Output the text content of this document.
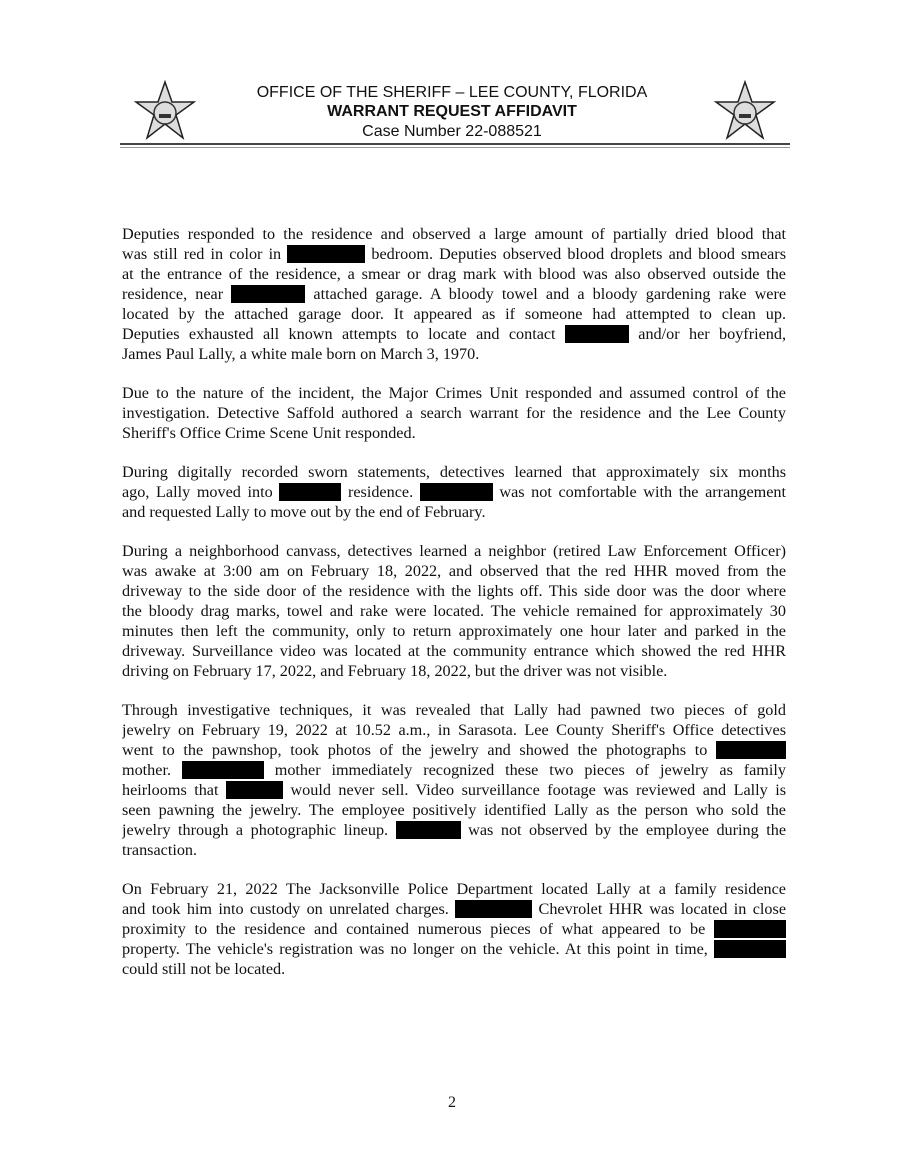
OFFICE OF THE SHERIFF – LEE COUNTY, FLORIDA
WARRANT REQUEST AFFIDAVIT
Case Number 22-088521
Deputies responded to the residence and observed a large amount of partially dried blood that
was still red in color in	bedroom. Deputies observed blood droplets and blood smears
at the entrance of the residence, a smear or drag mark with blood was also observed outside the
residence, near	attached garage. A bloody towel and a bloody gardening rake were
located by the attached garage door. It appeared as if someone had attempted to clean up.
Deputies exhausted all known attempts to locate and contact	and/or her boyfriend,
James Paul Lally, a white male born on March 3, 1970.
Due to the nature of the incident, the Major Crimes Unit responded and assumed control of the
investigation. Detective Saffold authored a search warrant for the residence and the Lee County
Sheriff's Office Crime Scene Unit responded.
During digitally recorded sworn statements, detectives learned that approximately six months
ago, Lally moved into	residence.	was not comfortable with the arrangement
and requested Lally to move out by the end of February.
During a neighborhood canvass, detectives learned a neighbor (retired Law Enforcement Officer)
was awake at 3:00 am on February 18, 2022, and observed that the red HHR moved from the
driveway to the side door of the residence with the lights off. This side door was the door where
the bloody drag marks, towel and rake were located. The vehicle remained for approximately 30
minutes then left the community, only to return approximately one hour later and parked in the
driveway. Surveillance video was located at the community entrance which showed the red HHR
driving on February 17, 2022, and February 18, 2022, but the driver was not visible.
Through investigative techniques, it was revealed that Lally had pawned two pieces of gold
jewelry on February 19, 2022 at 10.52 a.m., in Sarasota. Lee County Sheriff's Office detectives
went to the pawnshop, took photos of the jewelry and showed the photographs to
mother.	mother immediately recognized these two pieces of jewelry as family
heirlooms that	would never sell. Video surveillance footage was reviewed and Lally is
seen pawning the jewelry. The employee positively identified Lally as the person who sold the
jewelry through a photographic lineup.	was not observed by the employee during the
transaction.
On February 21, 2022 The Jacksonville Police Department located Lally at a family residence
and took him into custody on unrelated charges.	Chevrolet HHR was located in close
proximity to the residence and contained numerous pieces of what appeared to be
property. The vehicle's registration was no longer on the vehicle. At this point in time,
could still not be located.
2
